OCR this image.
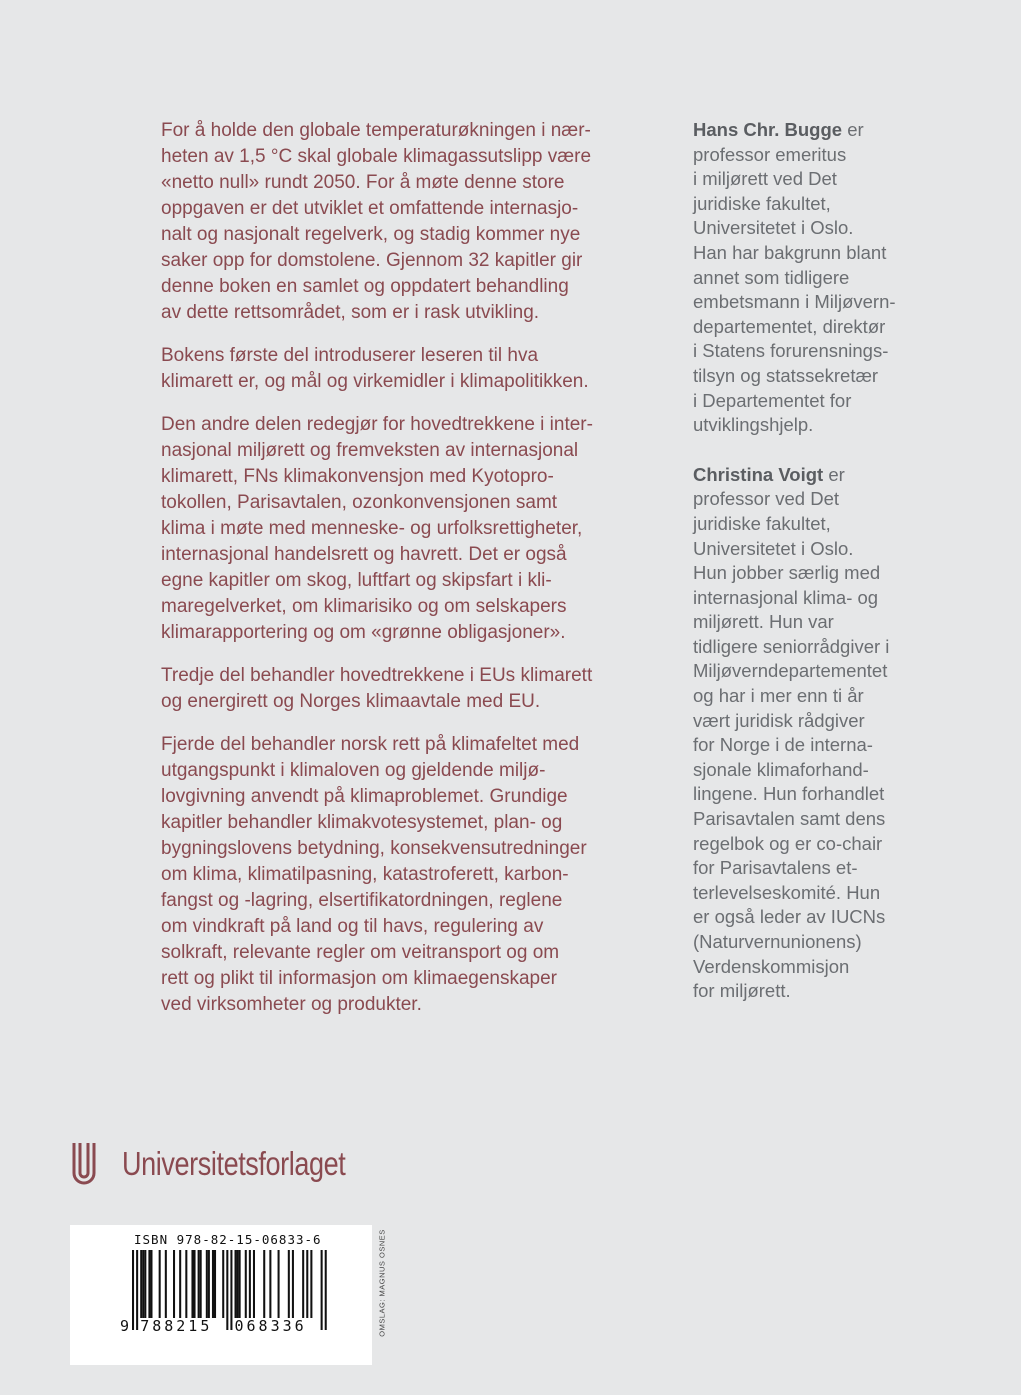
For å holde den globale temperaturøkningen i nær-
heten av 1,5 °C skal globale klimagassutslipp være
«netto null» rundt 2050. For å møte denne store
oppgaven er det utviklet et omfattende internasjo-
nalt og nasjonalt regelverk, og stadig kommer nye
saker opp for domstolene. Gjennom 32 kapitler gir
denne boken en samlet og oppdatert behandling
av dette rettsområdet, som er i rask utvikling.

Bokens første del introduserer leseren til hva
klimarett er, og mål og virkemidler i klimapolitikken.

Den andre delen redegjør for hovedtrekkene i inter-
nasjonal miljørett og fremveksten av internasjonal
klimarett, FNs klimakonvensjon med Kyotopro-
tokollen, Parisavtalen, ozonkonvensjonen samt
klima i møte med menneske- og urfolksrettigheter,
internasjonal handelsrett og havrett. Det er også
egne kapitler om skog, luftfart og skipsfart i kli-
maregelverket, om klimarisiko og om selskapers
klimarapportering og om «grønne obligasjoner».

Tredje del behandler hovedtrekkene i EUs klimarett
og energirett og Norges klimaavtale med EU.

Fjerde del behandler norsk rett på klimafeltet med
utgangspunkt i klimaloven og gjeldende miljø-
lovgivning anvendt på klimaproblemet. Grundige
kapitler behandler klimakvotesystemet, plan- og
bygningslovens betydning, konsekvensutredninger
om klima, klimatilpasning, katastroferett, karbon-
fangst og -lagring, elsertifikatordningen, reglene
om vindkraft på land og til havs, regulering av
solkraft, relevante regler om veitransport og om
rett og plikt til informasjon om klimaegenskaper
ved virksomheter og produkter.

Hans Chr. Bugge er
professor emeritus
i miljørett ved Det
juridiske fakultet,
Universitetet i Oslo.
Han har bakgrunn blant
annet som tidligere
embetsmann i Miljøvern-
departementet, direktør
i Statens forurensnings-
tilsyn og statssekretær
i Departementet for
utviklingshjelp.

Christina Voigt er
professor ved Det
juridiske fakultet,
Universitetet i Oslo.
Hun jobber særlig med
internasjonal klima- og
miljørett. Hun var
tidligere seniorrådgiver i
Miljøverndepartementet
og har i mer enn ti år
vært juridisk rådgiver
for Norge i de interna-
sjonale klimaforhand-
lingene. Hun forhandlet
Parisavtalen samt dens
regelbok og er co-chair
for Parisavtalens et-
terlevelseskomité. Hun
er også leder av IUCNs
(Naturvernunionens)
Verdenskommisjon
for miljørett.

Universitetsforlaget
ISBN 978-82-15-06833-6
9 788215 068336	OMSLAG: MAGNUS OSNES
